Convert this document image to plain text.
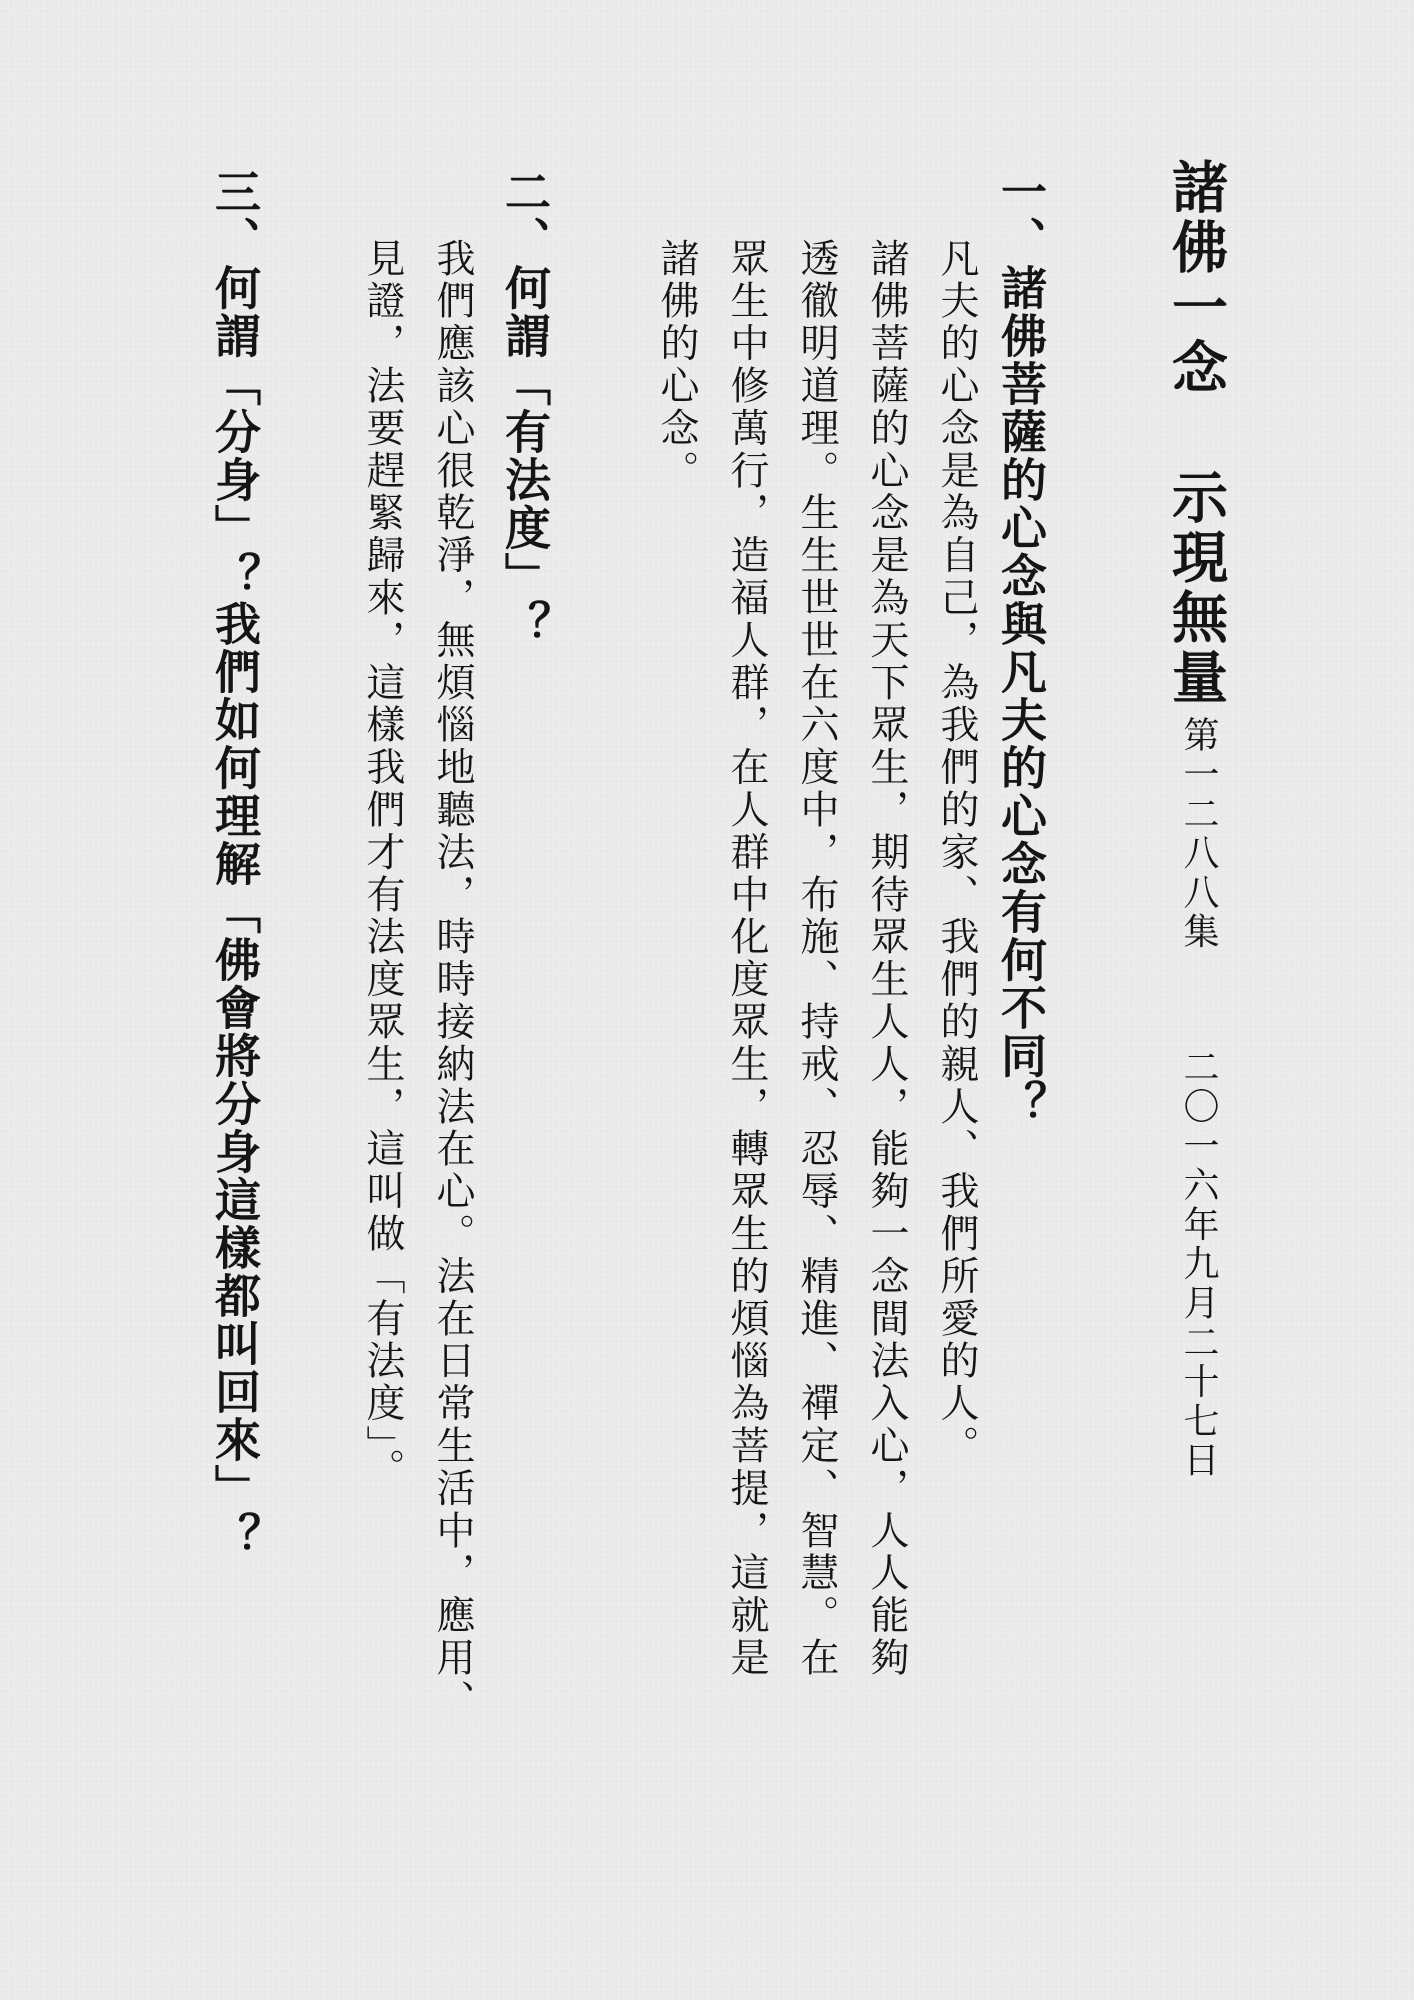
諸佛一念 示現無量
第一二八八集
二〇一六年九月二十七日
一、諸佛菩薩的心念與凡夫的心念有何不同？
凡夫的心念是為自己，為我們的家、我們的親人、我們所愛的人。
諸佛菩薩的心念是為天下眾生，期待眾生人人，能夠一念間法入心，人人能夠
透徹明道理。生生世世在六度中，布施、持戒、忍辱、精進、禪定、智慧。在
眾生中修萬行，造福人群，在人群中化度眾生，轉眾生的煩惱為菩提，這就是
諸佛的心念。
二、何謂「有法度」？
我們應該心很乾淨，無煩惱地聽法，時時接納法在心。法在日常生活中，應用、
見證，法要趕緊歸來，這樣我們才有法度眾生，這叫做「有法度」。
三、何謂「分身」？我們如何理解「佛會將分身這樣都叫回來」？
